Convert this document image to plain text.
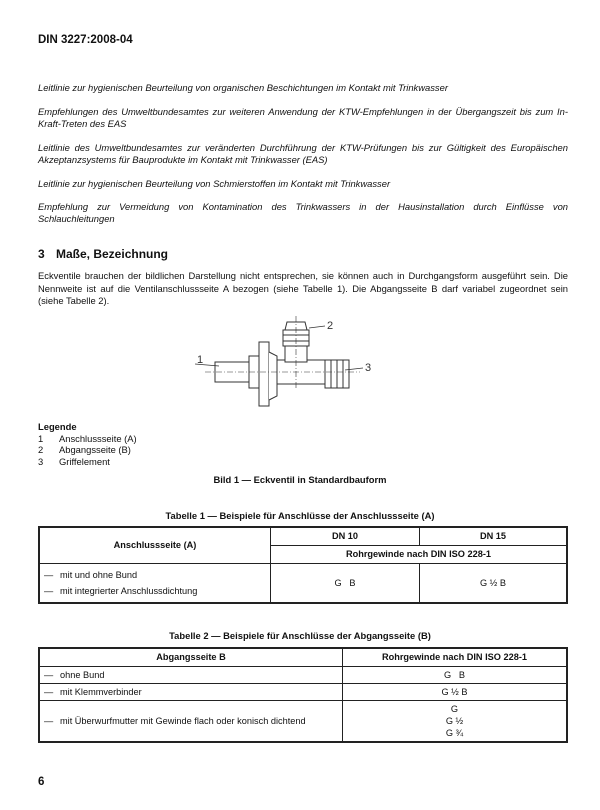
DIN 3227:2008-04

Leitlinie zur hygienischen Beurteilung von organischen Beschichtungen im Kontakt mit Trinkwasser

Empfehlungen des Umweltbundesamtes zur weiteren Anwendung der KTW-Empfehlungen in der Übergangszeit bis zum In-Kraft-Treten des EAS

Leitlinie des Umweltbundesamtes zur veränderten Durchführung der KTW-Prüfungen bis zur Gültigkeit des Europäischen Akzeptanzsystems für Bauprodukte im Kontakt mit Trinkwasser (EAS)

Leitlinie zur hygienischen Beurteilung von Schmierstoffen im Kontakt mit Trinkwasser

Empfehlung zur Vermeidung von Kontamination des Trinkwassers in der Hausinstallation durch Einflüsse von Schlauchleitungen

3 Maße, Bezeichnung
Eckventile brauchen der bildlichen Darstellung nicht entsprechen, sie können auch in Durchgangsform ausgeführt sein. Die Nennweite ist auf die Ventilanschlussseite A bezogen (siehe Tabelle 1). Die Abgangsseite B darf variabel zugeordnet sein (siehe Tabelle 2).
1
2
3
Legende
1 Anschlussseite (A)
2 Abgangsseite (B)
3 Griffelement
Bild 1 — Eckventil in Standardbauform
Tabelle 1 — Beispiele für Anschlüsse der Anschlussseite (A)
Anschlussseite (A)	DN 10	DN 15
	Rohrgewinde nach DIN ISO 228-1	

— mit und ohne Bund
— mit integrierter Anschlussdichtung	G   B	G ½ B
Tabelle 2 — Beispiele für Anschlüsse der Abgangsseite (B)
Abgangsseite B	Rohrgewinde nach DIN ISO 228-1
— ohne Bund	G   B
— mit Klemmverbinder	G ½ B
— mit Überwurfmutter mit Gewinde flach oder konisch dichtend	G
G ½
G ¾
6
